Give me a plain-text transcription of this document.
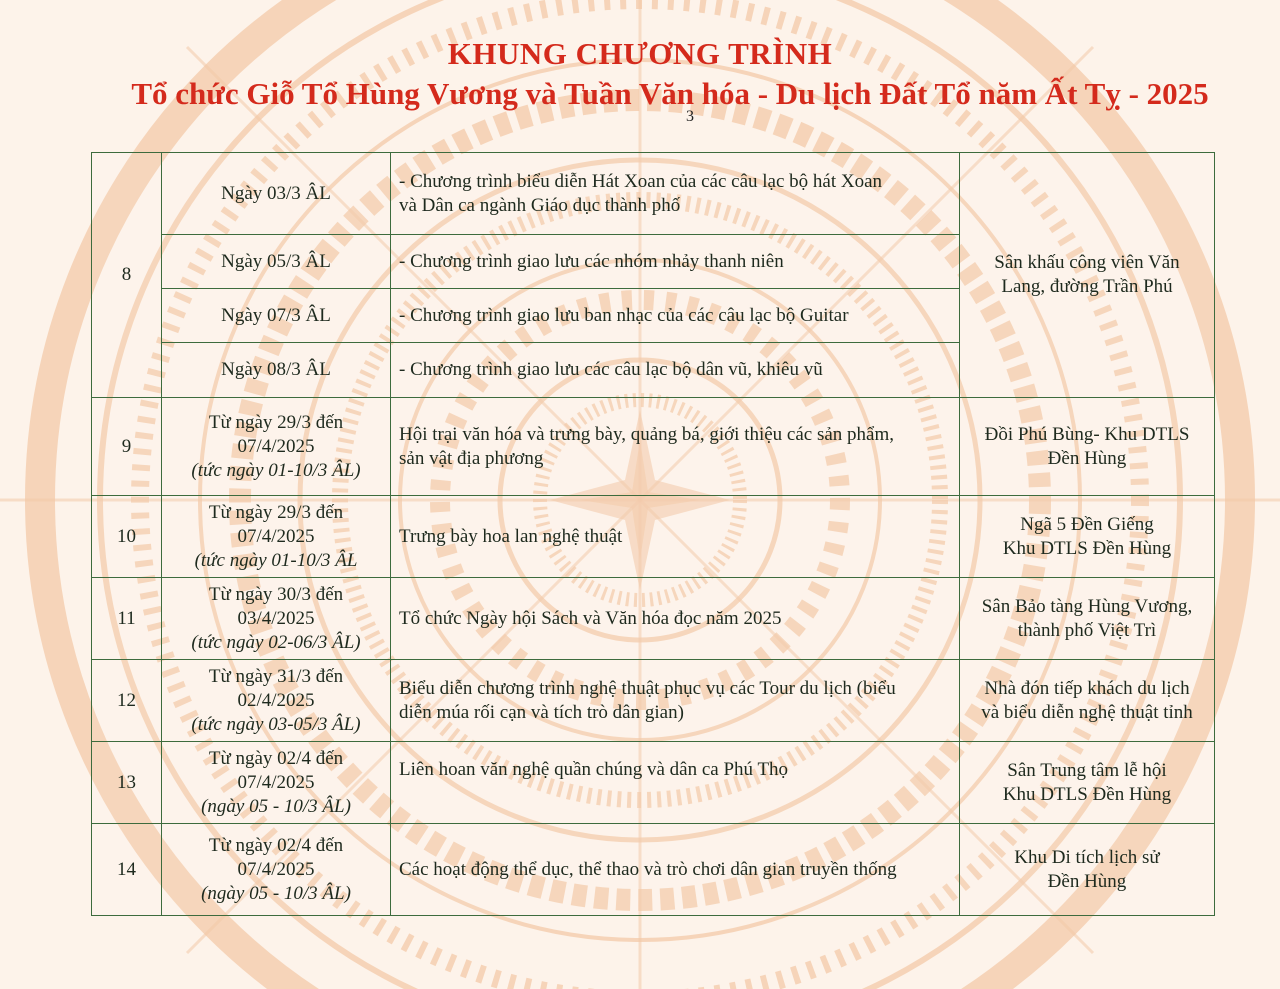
KHUNG CHƯƠNG TRÌNH
Tổ chức Giỗ Tổ Hùng Vương và Tuần Văn hóa - Du lịch Đất Tổ năm Ất Tỵ - 2025
3
8	Ngày 03/3 ÂL	- Chương trình biểu diễn Hát Xoan của các câu lạc bộ hát Xoan
và Dân ca ngành Giáo dục thành phố	Sân khấu công viên Văn
Lang, đường Trần Phú

	Ngày 05/3 ÂL	- Chương trình giao lưu các nhóm nhảy thanh niên	

	Ngày 07/3 ÂL	- Chương trình giao lưu ban nhạc của các câu lạc bộ Guitar	

	Ngày 08/3 ÂL	- Chương trình giao lưu các câu lạc bộ dân vũ, khiêu vũ	

9	Từ ngày 29/3 đến
07/4/2025
(tức ngày 01-10/3 ÂL)	Hội trại văn hóa và trưng bày, quảng bá, giới thiệu các sản phẩm,
sản vật địa phương	Đồi Phú Bùng- Khu DTLS
Đền Hùng

10	Từ ngày 29/3 đến
07/4/2025
(tức ngày 01-10/3 ÂL	Trưng bày hoa lan nghệ thuật	Ngã 5 Đền Giếng
Khu DTLS Đền Hùng

11	Từ ngày 30/3 đến
03/4/2025
(tức ngày 02-06/3 ÂL)	Tổ chức Ngày hội Sách và Văn hóa đọc năm 2025	Sân Bảo tàng Hùng Vương,
thành phố Việt Trì

12	Từ ngày 31/3 đến
02/4/2025
(tức ngày 03-05/3 ÂL)	Biểu diễn chương trình nghệ thuật phục vụ các Tour du lịch (biểu
diễn múa rối cạn và tích trò dân gian)	Nhà đón tiếp khách du lịch
và biểu diễn nghệ thuật tỉnh

13	Từ ngày 02/4 đến
07/4/2025
(ngày 05 - 10/3 ÂL)	Liên hoan văn nghệ quần chúng và dân ca Phú Thọ	Sân Trung tâm lễ hội
Khu DTLS Đền Hùng

14	Từ ngày 02/4 đến
07/4/2025
(ngày 05 - 10/3 ÂL)	Các hoạt động thể dục, thể thao và trò chơi dân gian truyền thống	Khu Di tích lịch sử
Đền Hùng
